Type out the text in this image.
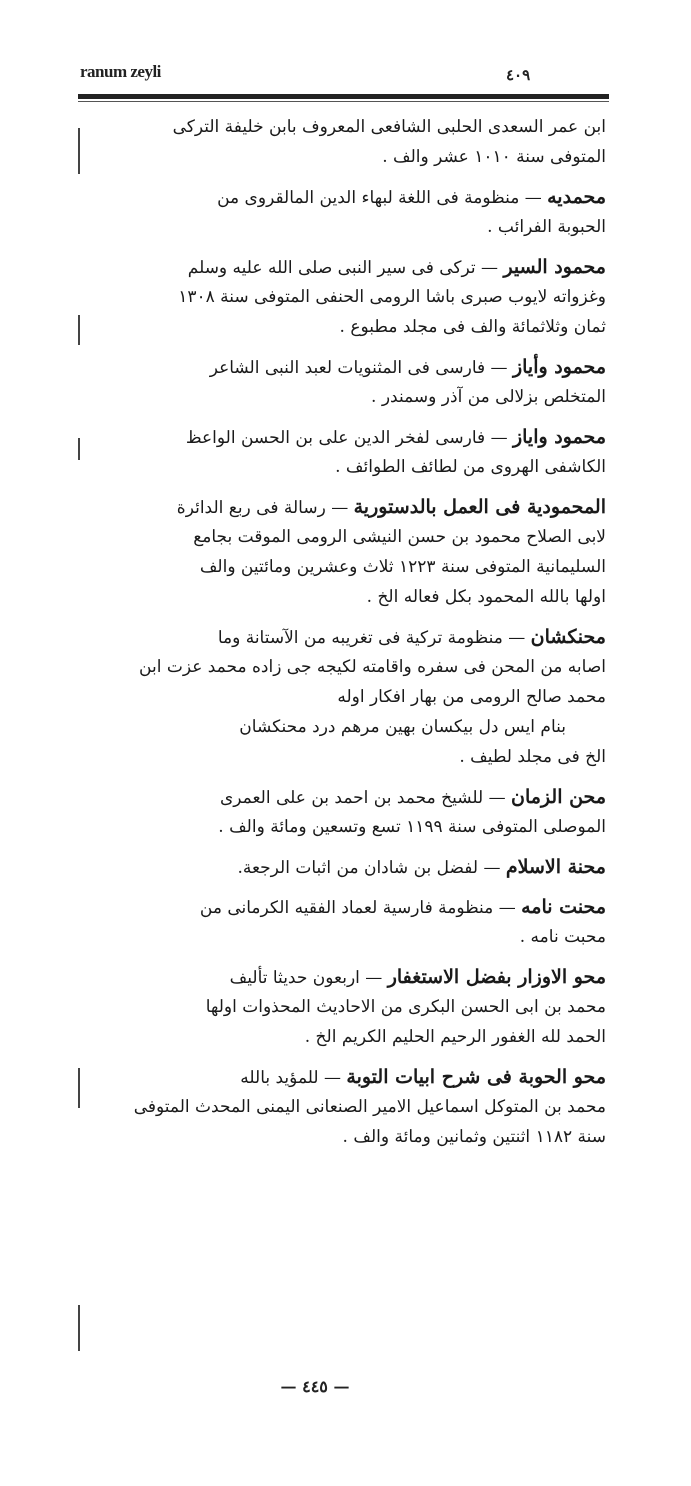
ranum zeyli	٤٠٩
ابن عمر السعدی الحلبی الشافعی المعروف بابن خليفة التركی
المتوفی سنة ١٠١٠ عشر والف .
محمديه — منظومة فی اللغة لبهاء الدين المالقروی من
الحبوبة الفرائب .
محمود السير — تركی فی سير النبی صلی الله عليه وسلم
وغزواته لايوب صبری باشا الرومی الحنفی المتوفی سنة ١٣٠٨
ثمان وثلاثمائة والف فی مجلد مطبوع .
محمود وأياز — فارسی فی المثنويات لعبد النبی الشاعر
المتخلص بزلالی من آذر وسمندر .
محمود واياز — فارسی لفخر الدين علی بن الحسن الواعظ
الكاشفی الهروی من لطائف الطوائف .
المحمودية فی العمل بالدستورية — رسالة فی ربع الدائرة
لابی الصلاح محمود بن حسن النيشی الرومی الموقت بجامع
السليمانية المتوفی سنة ١٢٢٣ ثلاث وعشرين ومائتين والف
اولها بالله المحمود بكل فعاله الخ .
محنكشان — منظومة تركية فی تغريبه من الآستانة وما
اصابه من المحن فی سفره واقامته لكيجه جی زاده محمد عزت ابن
محمد صالح الرومی من بهار افكار اوله
بنام ايس دل بيكسان بهين مرهم درد محنكشان
الخ فی مجلد لطيف .
محن الزمان — للشيخ محمد بن احمد بن علی العمری
الموصلی المتوفی سنة ١١٩٩ تسع وتسعين ومائة والف .
محنة الاسلام — لفضل بن شادان من اثبات الرجعة.
محنت نامه — منظومة فارسية لعماد الفقيه الكرمانی من
محبت نامه .
محو الاوزار بفضل الاستغفار — اربعون حديثا تأليف
محمد بن ابی الحسن البكری من الاحاديث المحذوات اولها
الحمد لله الغفور الرحيم الحليم الكريم الخ .
محو الحوبة فی شرح ابيات التوبة — للمؤيد بالله
محمد بن المتوكل اسماعيل الامير الصنعانی اليمنی المحدث المتوفی
سنة ١١٨٢ اثنتين وثمانين ومائة والف .
— ٤٤٥ —
